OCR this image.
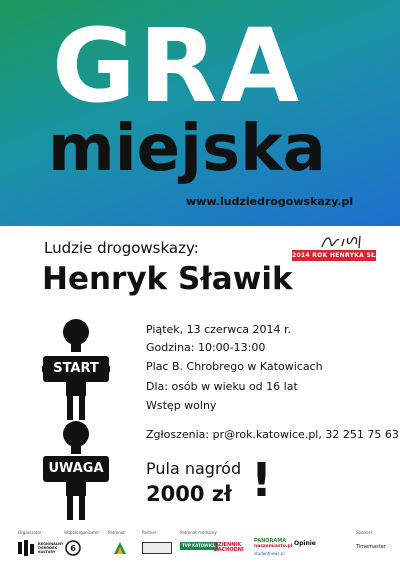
GRA
miejska
www.ludziedrogowskazy.pl
Ludzie drogowskazy:
Henryk Sławik
2014 ROK HENRYKA SŁAWIKA
START
UWAGA
Piątek, 13 czerwca 2014 r.
Godzina: 10:00-13:00
Plac B. Chrobrego w Katowicach
Dla: osób w wieku od 16 lat
Wstęp wolny
Zgłoszenia: pr@rok.katowice.pl, 32 251 75 63
Pula nagród
2000 zł !
Organizator:	Współorganizator: Patronat:	Partner:	Patronat medialny:	Sponsor:
REGIONALNY OŚRODEK KULTURY	6	TVP KATOWICE
DZIENNIK ZACHODNI
PANORAMA
naszemiasto.pl
studentnews.pl
Opinie	Timemaster
